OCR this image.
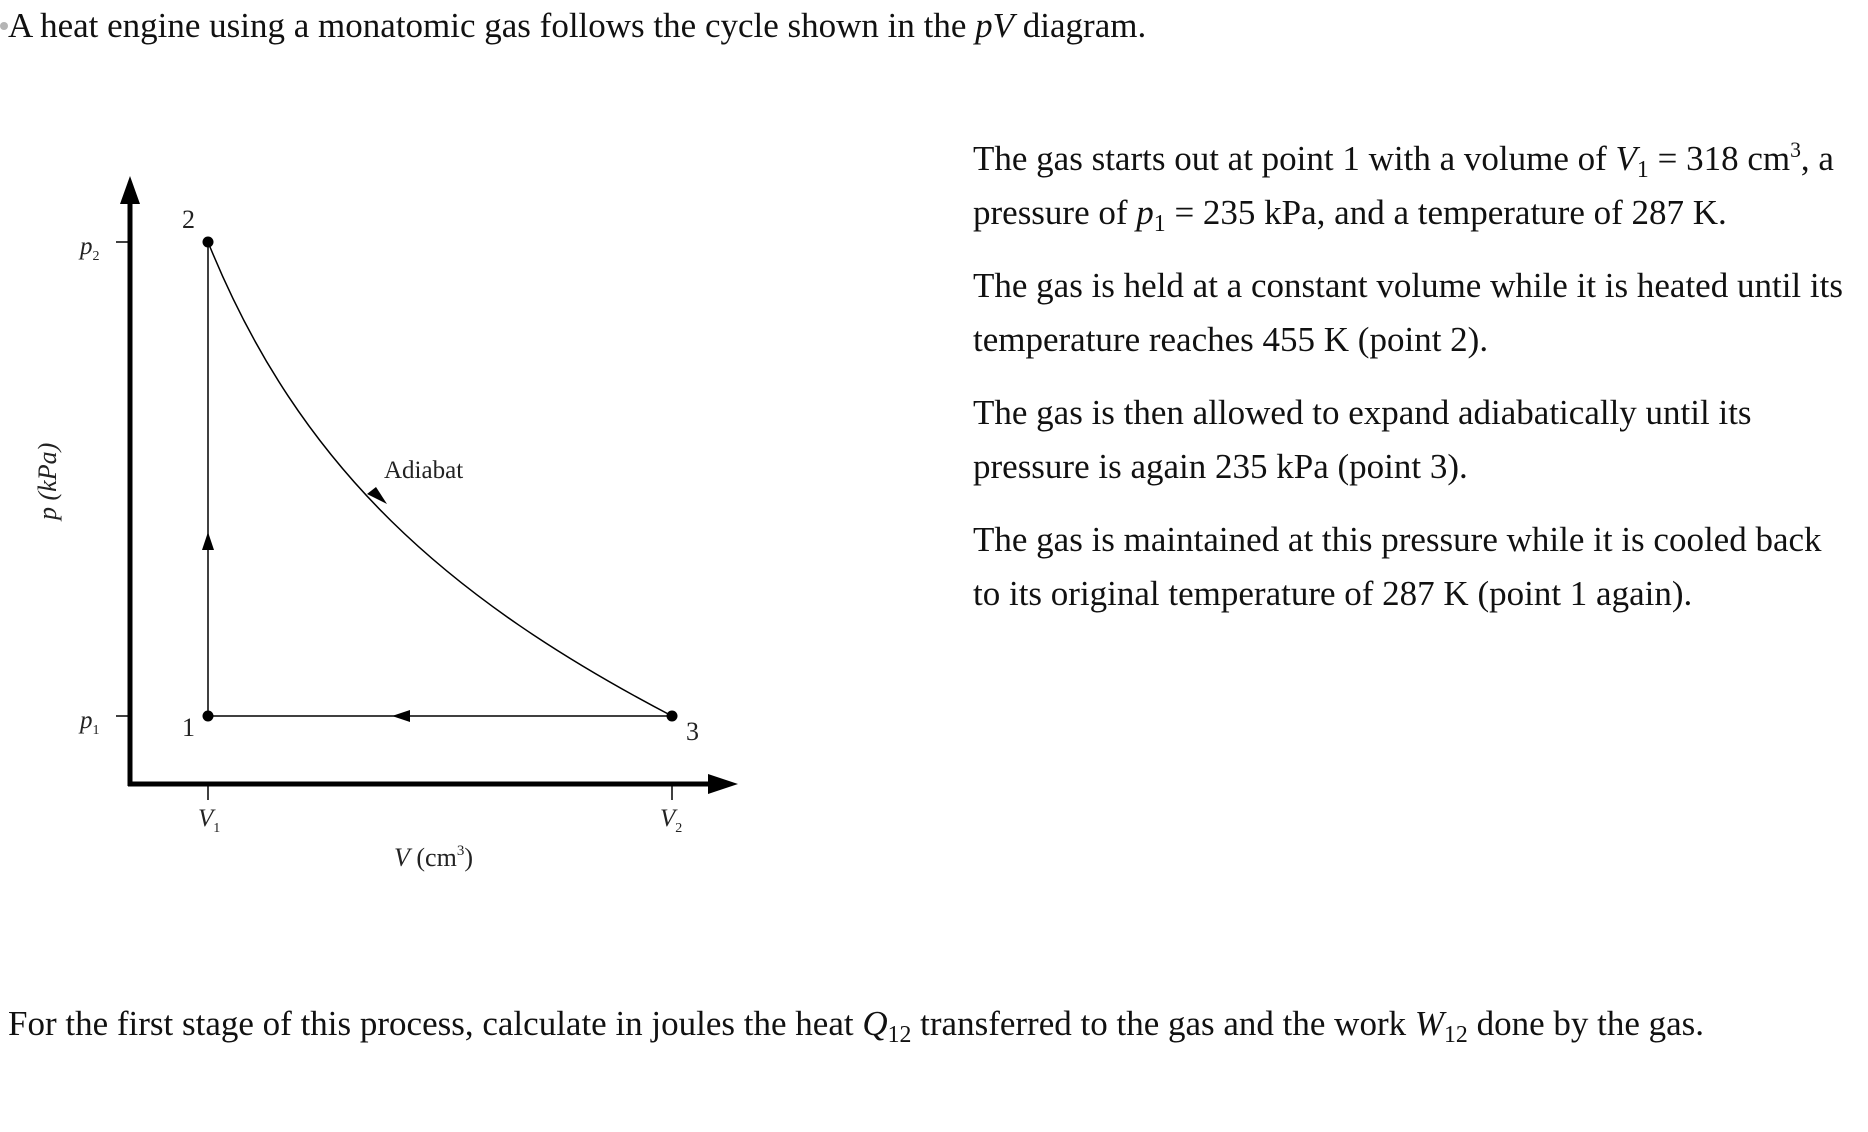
A heat engine using a monatomic gas follows the cycle shown in the pV diagram.
1
2
3
Adiabat
$p_2$
$p_1$
$V_1$	$V_2$
V $(cm^3)$
p (kPa)

The gas starts out at point 1 with a volume of $V_1 = 318$ $cm^3$, a pressure of $p_1 = 235$ kPa, and a temperature of 287 K.

The gas is held at a constant volume while it is heated until its temperature reaches 455 K (point 2).

The gas is then allowed to expand adiabatically until its pressure is again 235 kPa (point 3).

The gas is maintained at this pressure while it is cooled back to its original temperature of 287 K (point 1 again).

For the first stage of this process, calculate in joules the heat $Q_{12}$ transferred to the gas and the work $W_{12}$ done by the gas.
